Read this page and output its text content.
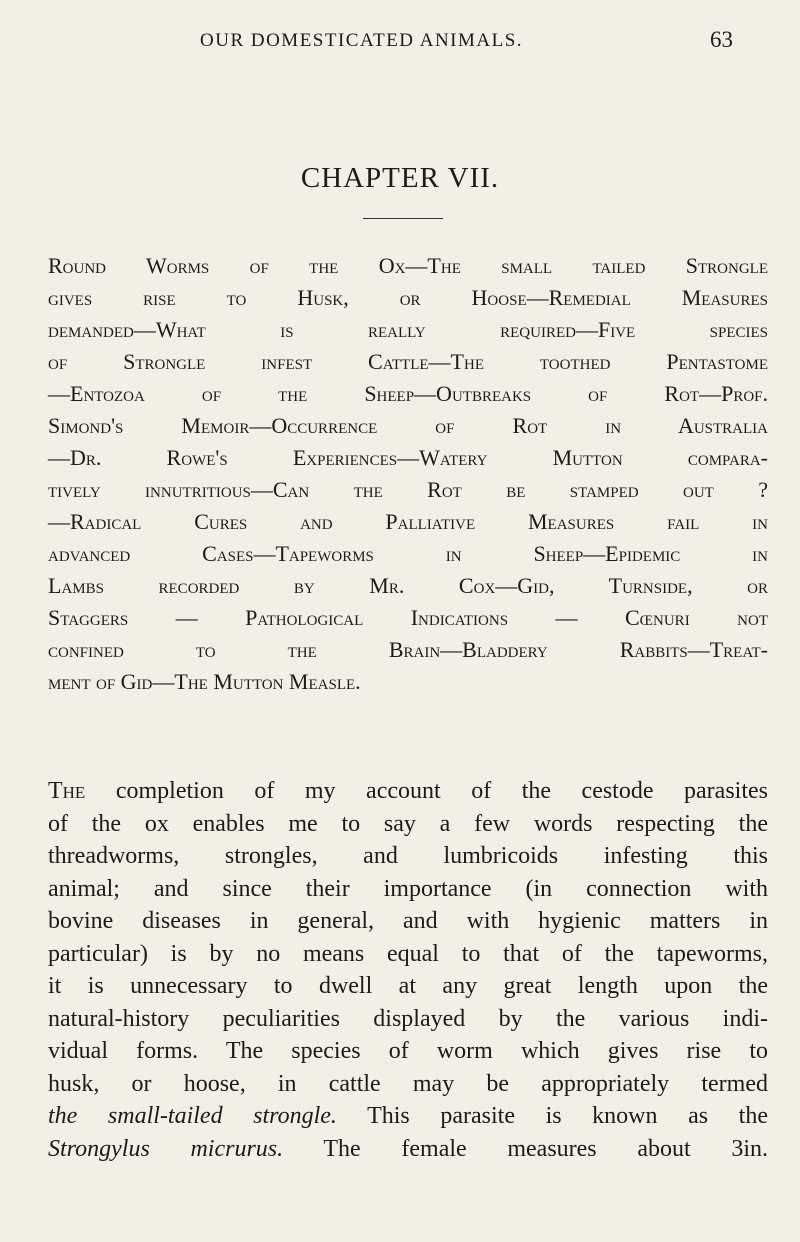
OUR DOMESTICATED ANIMALS.	63
CHAPTER VII.
Round Worms of the Ox—The small tailed Strongle
gives rise to Husk, or Hoose—Remedial Measures
demanded—What is really required—Five species
of Strongle infest Cattle—The toothed Pentastome
—Entozoa of the Sheep—Outbreaks of Rot—Prof.
Simond's Memoir—Occurrence of Rot in Australia
—Dr. Rowe's Experiences—Watery Mutton compara-
tively innutritious—Can the Rot be stamped out ?
—Radical Cures and Palliative Measures fail in
advanced Cases—Tapeworms in Sheep—Epidemic in
Lambs recorded by Mr. Cox—Gid, Turnside, or
Staggers — Pathological Indications — Cœnuri not
confined to the Brain—Bladdery Rabbits—Treat-
ment of Gid—The Mutton Measle.
The completion of my account of the cestode parasites
of the ox enables me to say a few words respecting the
threadworms, strongles, and lumbricoids infesting this
animal; and since their importance (in connection with
bovine diseases in general, and with hygienic matters in
particular) is by no means equal to that of the tapeworms,
it is unnecessary to dwell at any great length upon the
natural-history peculiarities displayed by the various indi-
vidual forms. The species of worm which gives rise to
husk, or hoose, in cattle may be appropriately termed
the small-tailed strongle. This parasite is known as the
Strongylus micrurus. The female measures about 3in.
